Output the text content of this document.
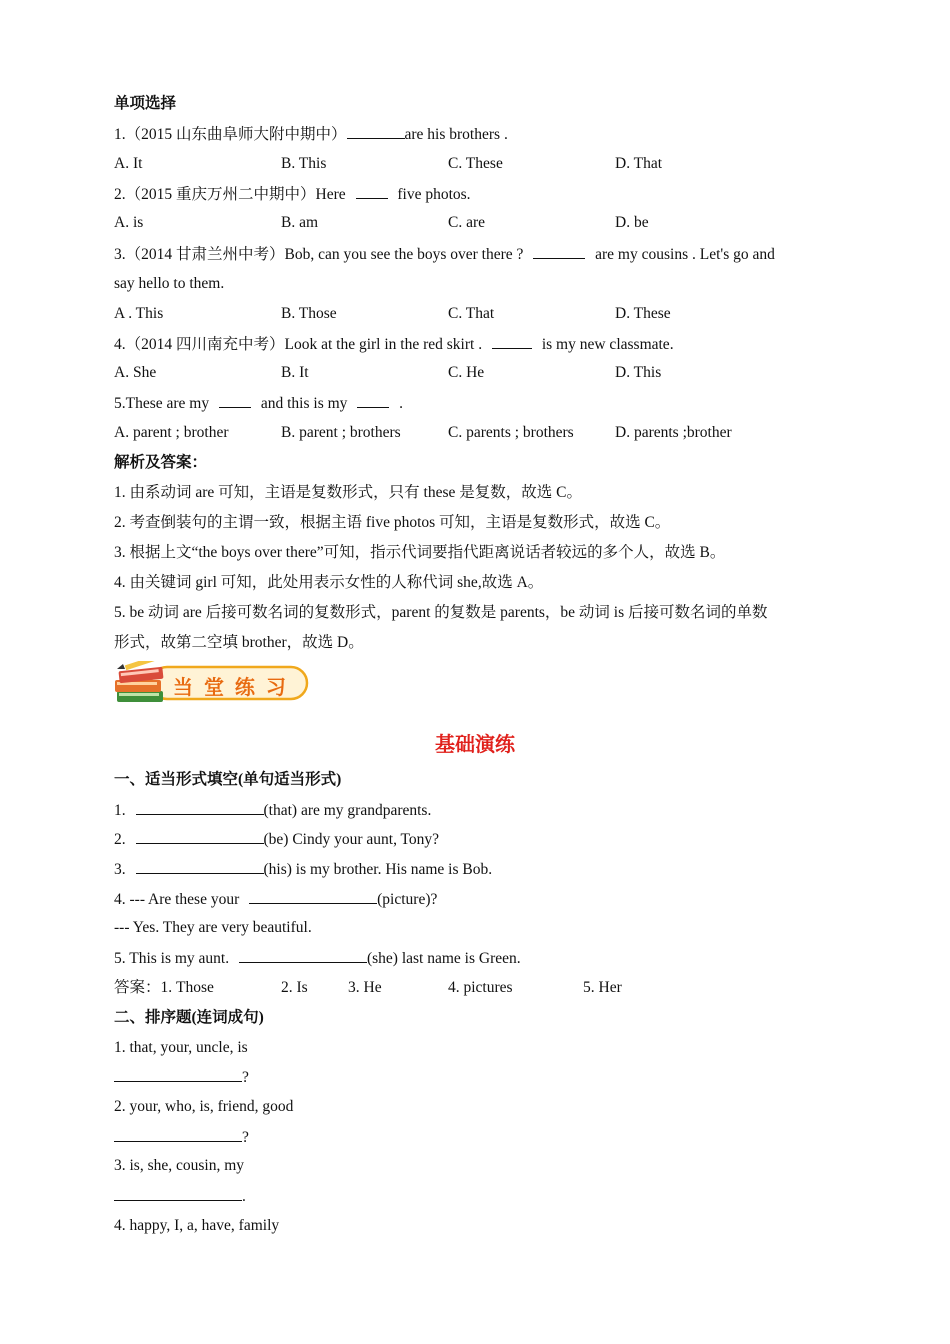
单项选择
1.（2015 山东曲阜师大附中期中）	are his brothers .
A. It	B. This	C. These	D. That
2.（2015 重庆万州二中期中）Here	five photos.
A. is	B. am	C. are	D. be
3.（2014 甘肃兰州中考）Bob, can you see the boys over there ?	are my cousins . Let's go and
say hello to them.
A . This	B. Those	C. That	D. These
4.（2014 四川南充中考）Look at the girl in the red skirt .	is my new classmate.
A. She	B. It	C. He	D. This
5.These are my	and this is my	.
A. parent ; brother	B. parent ; brothers	C. parents ; brothers	D. parents ;brother
解析及答案：
1. 由系动词 are 可知，主语是复数形式，只有 these 是复数，故选 C。
2. 考查倒装句的主谓一致，根据主语 five photos 可知，主语是复数形式，故选 C。
3. 根据上文“the boys over there”可知，指示代词要指代距离说话者较远的多个人，故选 B。
4. 由关键词 girl 可知，此处用表示女性的人称代词 she,故选 A。
5. be 动词 are 后接可数名词的复数形式，parent 的复数是 parents，be 动词 is 后接可数名词的单数
形式，故第二空填 brother，故选 D。
当 堂 练 习
基础演练
一、适当形式填空(单句适当形式)
1.	(that) are my grandparents.
2.	(be) Cindy your aunt, Tony?
3.	(his) is my brother. His name is Bob.
4. --- Are these your	(picture)?
--- Yes. They are very beautiful.
5. This is my aunt.	(she) last name is Green.
答案：1. Those	2. Is	3. He	4. pictures	5. Her
二、排序题(连词成句)
1. that, your, uncle, is
?
2. your, who, is, friend, good
?
3. is, she, cousin, my
.
4. happy, I, a, have, family
